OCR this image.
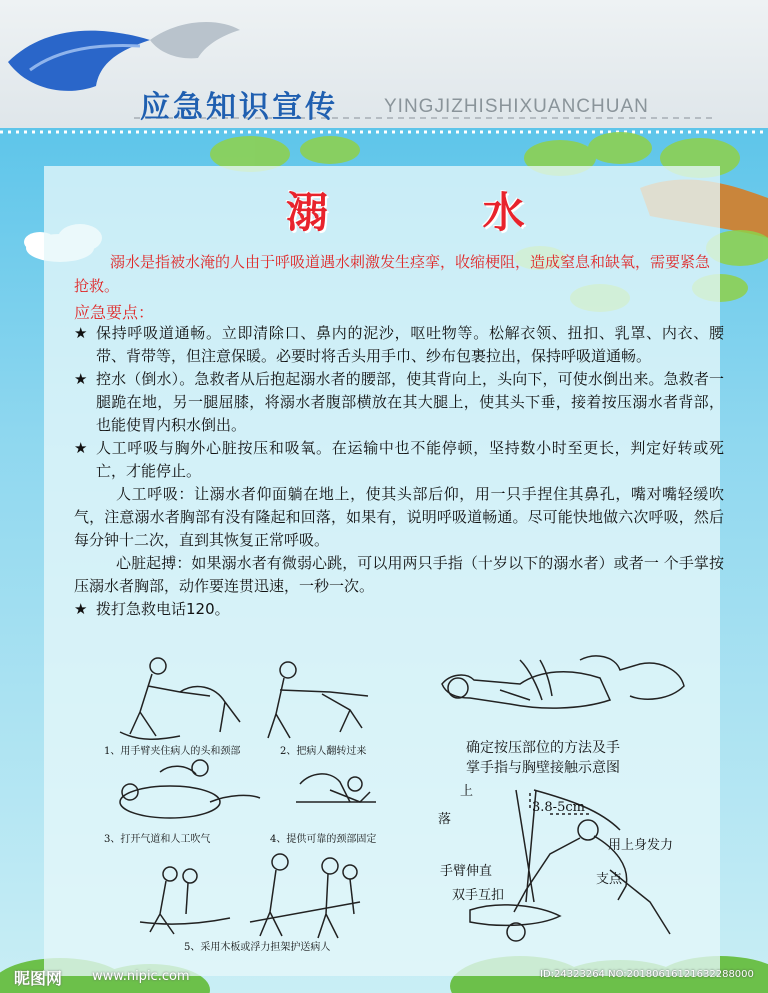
应急知识宣传 YINGJIZHISHIXUANCHUAN
溺 水
溺水是指被水淹的人由于呼吸道遇水刺激发生痉挛，收缩梗阻，造成窒息和缺氧，需要紧急抢救。
应急要点：
★ 保持呼吸道通畅。立即清除口、鼻内的泥沙，呕吐物等。松解衣领、扭扣、乳罩、内衣、腰带、背带等，但注意保暖。必要时将舌头用手巾、纱布包裹拉出，保持呼吸道通畅。
★ 控水（倒水）。急救者从后抱起溺水者的腰部，使其背向上，头向下，可使水倒出来。急救者一腿跪在地，另一腿屈膝，将溺水者腹部横放在其大腿上，使其头下垂，接着按压溺水者背部，也能使胃内积水倒出。
★ 人工呼吸与胸外心脏按压和吸氧。在运输中也不能停顿，坚持数小时至更长，判定好转或死亡，才能停止。
人工呼吸：让溺水者仰面躺在地上，使其头部后仰，用一只手捏住其鼻孔，嘴对嘴轻缓吹气，注意溺水者胸部有没有隆起和回落，如果有，说明呼吸道畅通。尽可能快地做六次呼吸，然后每分钟十二次，直到其恢复正常呼吸。
心脏起搏：如果溺水者有微弱心跳，可以用两只手指（十岁以下的溺水者）或者一 个手掌按压溺水者胸部，动作要连贯迅速，一秒一次。
★ 拨打急救电话120。
1、用手臂夹住病人的头和颈部	2、把病人翻转过来
3、打开气道和人工吹气	4、提供可靠的颈部固定
5、采用木板或浮力担架护送病人
确定按压部位的方法及手
掌手指与胸壁接触示意图
上
落
3.8-5cm
用上身发力
手臂伸直
支点
双手互扣
昵图网 www.nipic.com	ID:24323264 NO:20180616121632288000
